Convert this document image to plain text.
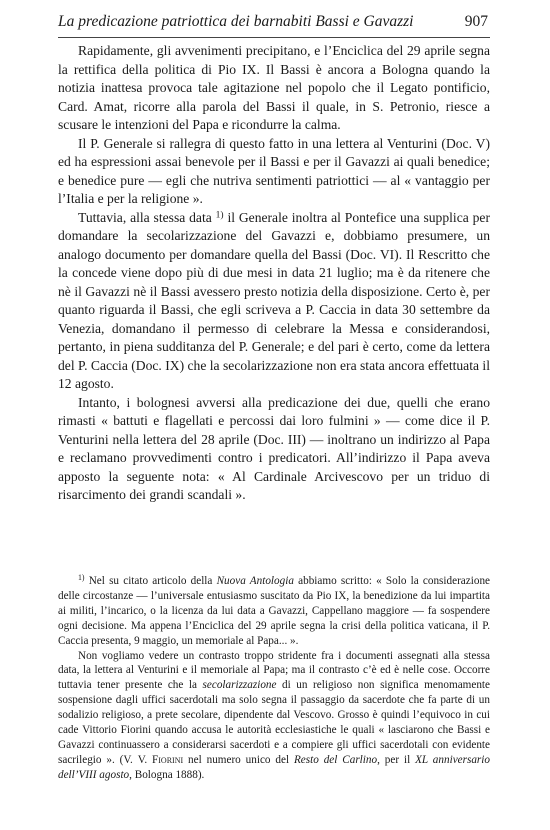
La predicazione patriottica dei barnabiti Bassi e Gavazzi	907

Rapidamente, gli avvenimenti precipitano, e l’Enciclica del 29 aprile segna la rettifica della politica di Pio IX. Il Bassi è ancora a Bologna quando la notizia inattesa provoca tale agitazione nel popolo che il Legato pontificio, Card. Amat, ricorre alla parola del Bassi il quale, in S. Petronio, riesce a scusare le intenzioni del Papa e ricondurre la calma.

Il P. Generale si rallegra di questo fatto in una lettera al Venturini (Doc. V) ed ha espressioni assai benevole per il Bassi e per il Gavazzi ai quali benedice; e benedice pure — egli che nutriva sentimenti patriottici — al « vantaggio per l’Italia e per la religione ».

Tuttavia, alla stessa data $^{1)}$ il Generale inoltra al Pontefice una supplica per domandare la secolarizzazione del Gavazzi e, dobbiamo presumere, un analogo documento per domandare quella del Bassi (Doc. VI). Il Rescritto che la concede viene dopo più di due mesi in data 21 luglio; ma è da ritenere che nè il Gavazzi nè il Bassi avessero presto notizia della disposizione. Certo è, per quanto riguarda il Bassi, che egli scriveva a P. Caccia in data 30 settembre da Venezia, domandano il permesso di celebrare la Messa e considerandosi, pertanto, in piena sudditanza del P. Generale; e del pari è certo, come da lettera del P. Caccia (Doc. IX) che la secolarizzazione non era stata ancora effettuata il 12 agosto.

Intanto, i bolognesi avversi alla predicazione dei due, quelli che erano rimasti « battuti e flagellati e percossi dai loro fulmini » — come dice il P. Venturini nella lettera del 28 aprile (Doc. III) — inoltrano un indirizzo al Papa e reclamano provvedimenti contro i predicatori. All’indirizzo il Papa aveva apposto la seguente nota: « Al Cardinale Arcivescovo per un triduo di risarcimento dei grandi scandali ».

$^{1)}$ Nel su citato articolo della Nuova Antologia abbiamo scritto: « Solo la considerazione delle circostanze — l’universale entusiasmo suscitato da Pio IX, la benedizione da lui impartita ai militi, l’incarico, o la licenza da lui data a Gavazzi, Cappellano maggiore — fa sospendere ogni decisione. Ma appena l’Enciclica del 29 aprile segna la crisi della politica vaticana, il P. Caccia presenta, 9 maggio, un memoriale al Papa... ».

Non vogliamo vedere un contrasto troppo stridente fra i documenti assegnati alla stessa data, la lettera al Venturini e il memoriale al Papa; ma il contrasto c’è ed è nelle cose. Occorre tuttavia tener presente che la secolarizzazione di un religioso non significa menomamente sospensione dagli uffici sacerdotali ma solo segna il passaggio da sacerdote che fa parte di un sodalizio religioso, a prete secolare, dipendente dal Vescovo. Grosso è quindi l’equivoco in cui cade Vittorio Fiorini quando accusa le autorità ecclesiastiche le quali « lasciarono che Bassi e Gavazzi continuassero a considerarsi sacerdoti e a compiere gli uffici sacerdotali con evidente sacrilegio ». (V. V. Fiorini nel numero unico del Resto del Carlino, per il XL anniversario dell’VIII agosto, Bologna 1888).
